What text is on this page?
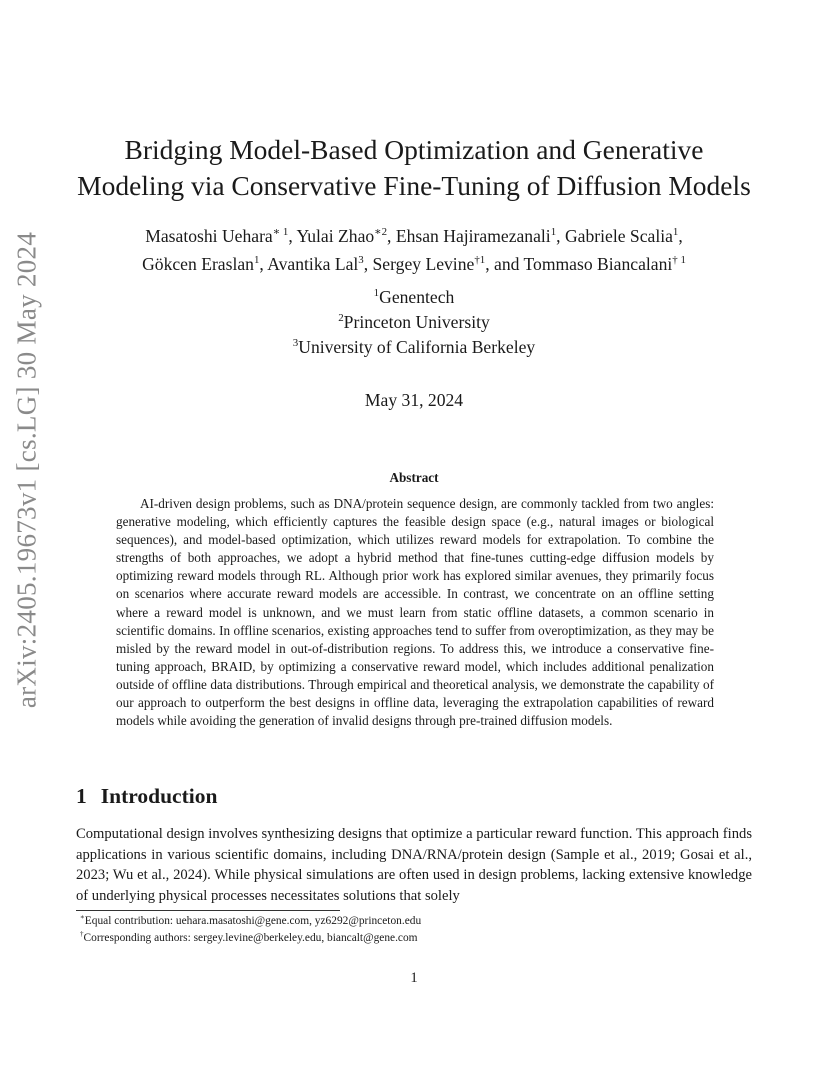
arXiv:2405.19673v1 [cs.LG] 30 May 2024
Bridging Model-Based Optimization and Generative
Modeling via Conservative Fine-Tuning of Diffusion Models
Masatoshi Uehara$^{∗ 1}$, Yulai Zhao$^{∗2}$, Ehsan Hajiramezanali$^1$, Gabriele Scalia$^1$,
Gökcen Eraslan$^1$, Avantika Lal$^3$, Sergey Levine$^{\dagger 1}$, and Tommaso Biancalani$^{\dagger 1}$
$^1$Genentech
$^2$Princeton University
$^3$University of California Berkeley
May 31, 2024
Abstract
AI-driven design problems, such as DNA/protein sequence design, are commonly tackled from two angles: generative modeling, which efficiently captures the feasible design space (e.g., natural images or biological sequences), and model-based optimization, which utilizes reward models for extrapolation. To combine the strengths of both approaches, we adopt a hybrid method that fine-tunes cutting-edge diffusion models by optimizing reward models through RL. Although prior work has explored similar avenues, they primarily focus on scenarios where accurate reward models are accessible. In contrast, we concentrate on an offline setting where a reward model is unknown, and we must learn from static offline datasets, a common scenario in scientific domains. In offline scenarios, existing approaches tend to suffer from overoptimization, as they may be misled by the reward model in out-of-distribution regions. To address this, we introduce a conservative fine-tuning approach, BRAID, by optimizing a conservative reward model, which includes additional penalization outside of offline data distributions. Through empirical and theoretical analysis, we demonstrate the capability of our approach to outperform the best designs in offline data, leveraging the extrapolation capabilities of reward models while avoiding the generation of invalid designs through pre-trained diffusion models.
1 Introduction
Computational design involves synthesizing designs that optimize a particular reward function. This approach finds applications in various scientific domains, including DNA/RNA/protein design (Sample et al., 2019; Gosai et al., 2023; Wu et al., 2024). While physical simulations are often used in design problems, lacking extensive knowledge of underlying physical processes necessitates solutions that solely
∗Equal contribution: uehara.masatoshi@gene.com, yz6292@princeton.edu
†Corresponding authors: sergey.levine@berkeley.edu, biancalt@gene.com
1
